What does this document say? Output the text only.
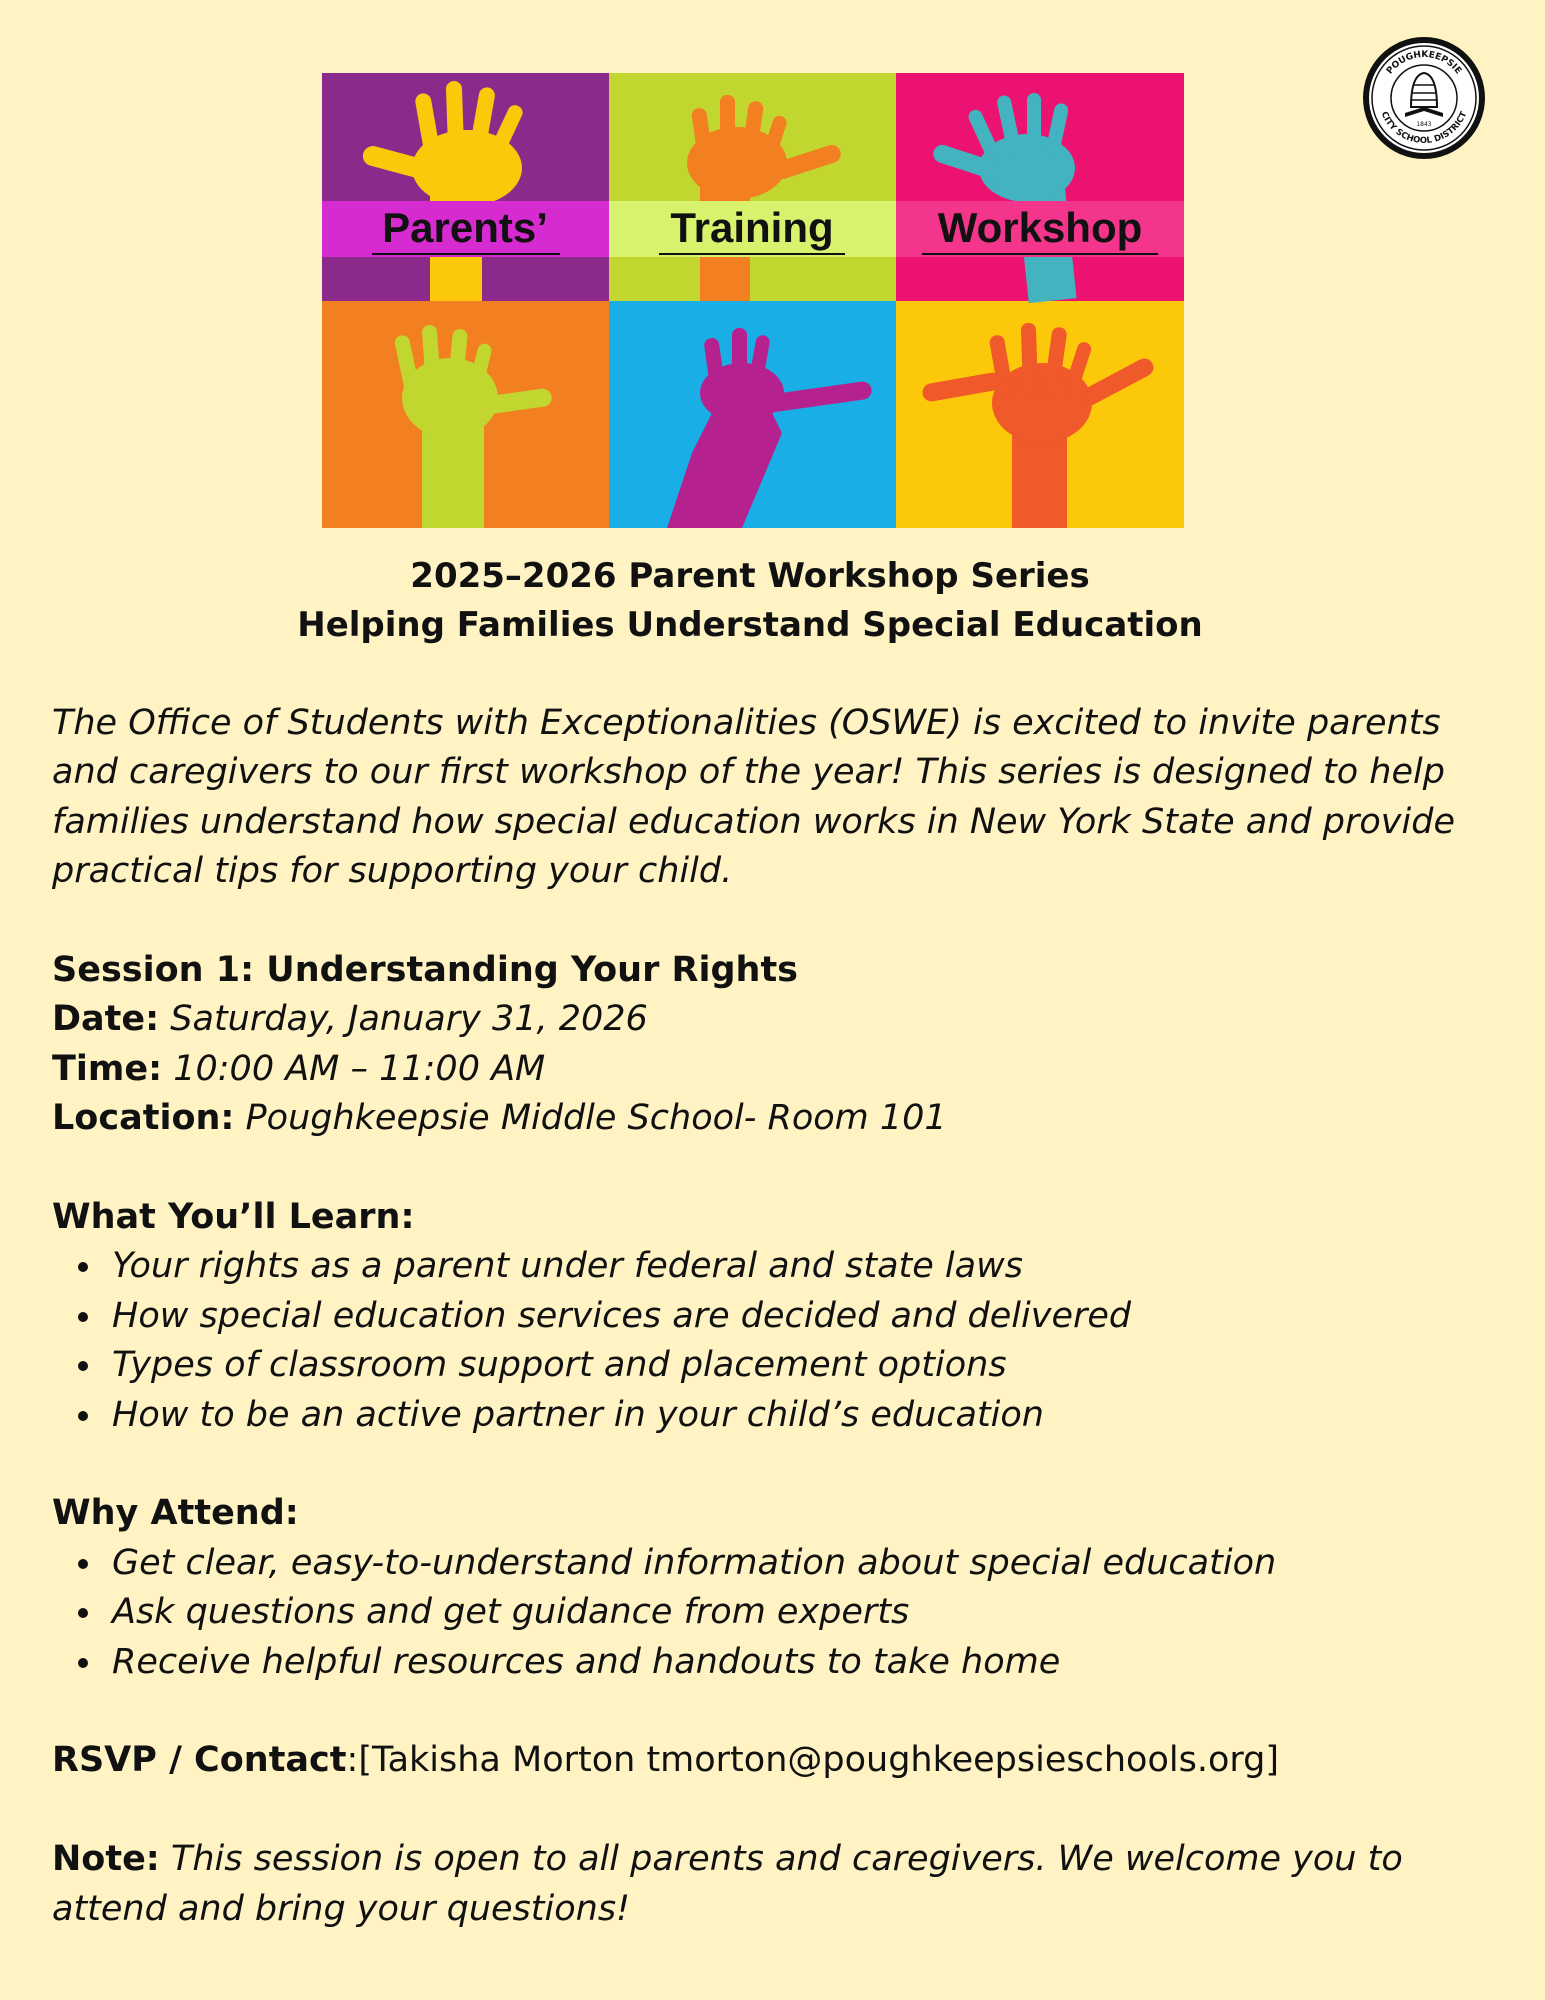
Parents’	Training Workshop
POUGHKEEPSIE
CITY SCHOOL DISTRICT
1843
2025–2026 Parent Workshop Series
Helping Families Understand Special Education

The Office of Students with Exceptionalities (OSWE) is excited to invite parents and caregivers to our first workshop of the year! This series is designed to help families understand how special education works in New York State and provide practical tips for supporting your child.

Session 1: Understanding Your Rights

Date: Saturday, January 31, 2026

Time: 10:00 AM – 11:00 AM

Location: Poughkeepsie Middle School- Room 101

What You’ll Learn:

Your rights as a parent under federal and state laws
How special education services are decided and delivered
Types of classroom support and placement options
How to be an active partner in your child’s education

Why Attend:

Get clear, easy-to-understand information about special education
Ask questions and get guidance from experts
Receive helpful resources and handouts to take home

RSVP / Contact:[Takisha Morton tmorton@poughkeepsieschools.org]

Note: This session is open to all parents and caregivers. We welcome you to attend and bring your questions!
